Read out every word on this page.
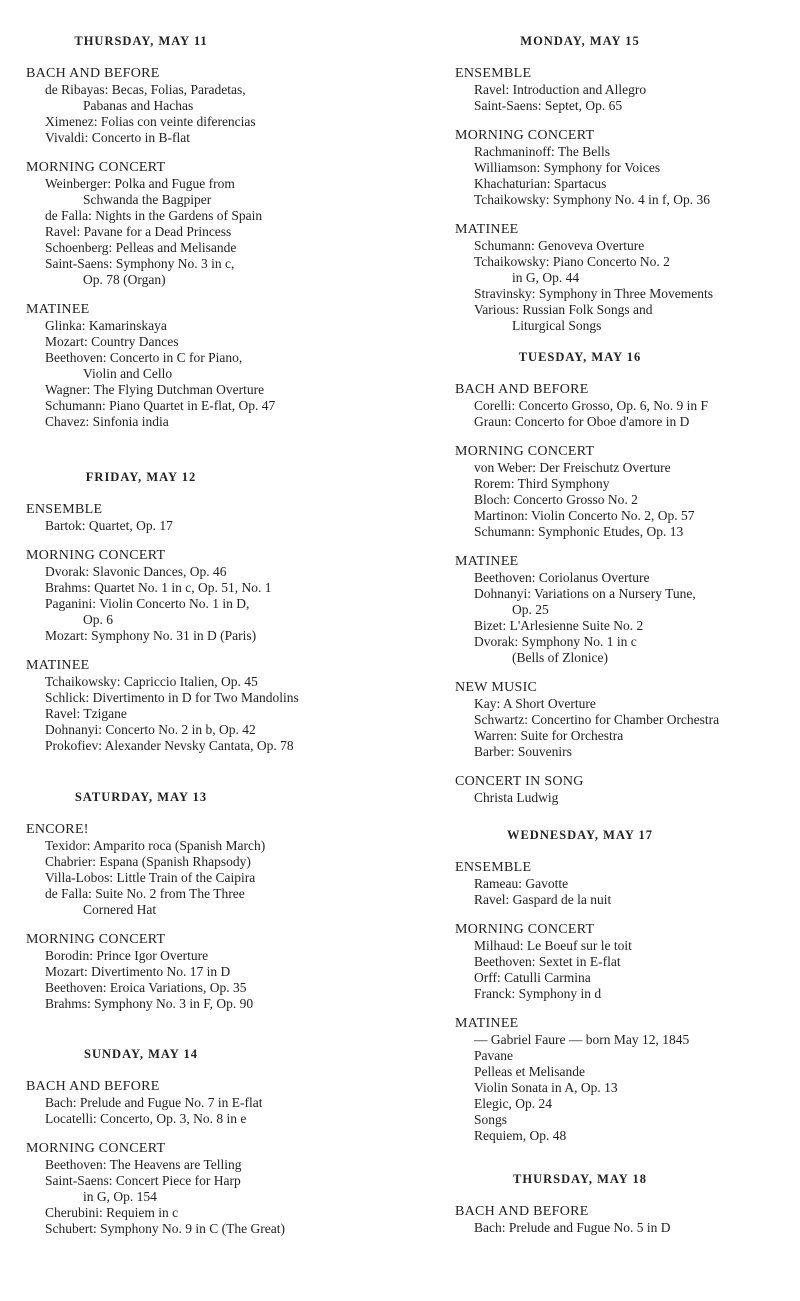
THURSDAY, MAY 11
BACH AND BEFORE
de Ribayas: Becas, Folias, Paradetas,
Pabanas and Hachas
Ximenez: Folias con veinte diferencias
Vivaldi: Concerto in B-flat
MORNING CONCERT
Weinberger: Polka and Fugue from
Schwanda the Bagpiper
de Falla: Nights in the Gardens of Spain
Ravel: Pavane for a Dead Princess
Schoenberg: Pelleas and Melisande
Saint-Saens: Symphony No. 3 in c,
Op. 78 (Organ)
MATINEE
Glinka: Kamarinskaya
Mozart: Country Dances
Beethoven: Concerto in C for Piano,
Violin and Cello
Wagner: The Flying Dutchman Overture
Schumann: Piano Quartet in E-flat, Op. 47
Chavez: Sinfonia india
FRIDAY, MAY 12
ENSEMBLE
Bartok: Quartet, Op. 17
MORNING CONCERT
Dvorak: Slavonic Dances, Op. 46
Brahms: Quartet No. 1 in c, Op. 51, No. 1
Paganini: Violin Concerto No. 1 in D,
Op. 6
Mozart: Symphony No. 31 in D (Paris)
MATINEE
Tchaikowsky: Capriccio Italien, Op. 45
Schlick: Divertimento in D for Two Mandolins
Ravel: Tzigane
Dohnanyi: Concerto No. 2 in b, Op. 42
Prokofiev: Alexander Nevsky Cantata, Op. 78
SATURDAY, MAY 13
ENCORE!
Texidor: Amparito roca (Spanish March)
Chabrier: Espana (Spanish Rhapsody)
Villa-Lobos: Little Train of the Caipira
de Falla: Suite No. 2 from The Three
Cornered Hat
MORNING CONCERT
Borodin: Prince Igor Overture
Mozart: Divertimento No. 17 in D
Beethoven: Eroica Variations, Op. 35
Brahms: Symphony No. 3 in F, Op. 90
SUNDAY, MAY 14
BACH AND BEFORE
Bach: Prelude and Fugue No. 7 in E-flat
Locatelli: Concerto, Op. 3, No. 8 in e
MORNING CONCERT
Beethoven: The Heavens are Telling
Saint-Saens: Concert Piece for Harp
in G, Op. 154
Cherubini: Requiem in c
Schubert: Symphony No. 9 in C (The Great)
MONDAY, MAY 15
ENSEMBLE
Ravel: Introduction and Allegro
Saint-Saens: Septet, Op. 65
MORNING CONCERT
Rachmaninoff: The Bells
Williamson: Symphony for Voices
Khachaturian: Spartacus
Tchaikowsky: Symphony No. 4 in f, Op. 36
MATINEE
Schumann: Genoveva Overture
Tchaikowsky: Piano Concerto No. 2
in G, Op. 44
Stravinsky: Symphony in Three Movements
Various: Russian Folk Songs and
Liturgical Songs
TUESDAY, MAY 16
BACH AND BEFORE
Corelli: Concerto Grosso, Op. 6, No. 9 in F
Graun: Concerto for Oboe d'amore in D
MORNING CONCERT
von Weber: Der Freischutz Overture
Rorem: Third Symphony
Bloch: Concerto Grosso No. 2
Martinon: Violin Concerto No. 2, Op. 57
Schumann: Symphonic Etudes, Op. 13
MATINEE
Beethoven: Coriolanus Overture
Dohnanyi: Variations on a Nursery Tune,
Op. 25
Bizet: L'Arlesienne Suite No. 2
Dvorak: Symphony No. 1 in c
(Bells of Zlonice)
NEW MUSIC
Kay: A Short Overture
Schwartz: Concertino for Chamber Orchestra
Warren: Suite for Orchestra
Barber: Souvenirs
CONCERT IN SONG
Christa Ludwig
WEDNESDAY, MAY 17
ENSEMBLE
Rameau: Gavotte
Ravel: Gaspard de la nuit
MORNING CONCERT
Milhaud: Le Boeuf sur le toit
Beethoven: Sextet in E-flat
Orff: Catulli Carmina
Franck: Symphony in d
MATINEE
— Gabriel Faure — born May 12, 1845
Pavane
Pelleas et Melisande
Violin Sonata in A, Op. 13
Elegic, Op. 24
Songs
Requiem, Op. 48
THURSDAY, MAY 18
BACH AND BEFORE
Bach: Prelude and Fugue No. 5 in D
